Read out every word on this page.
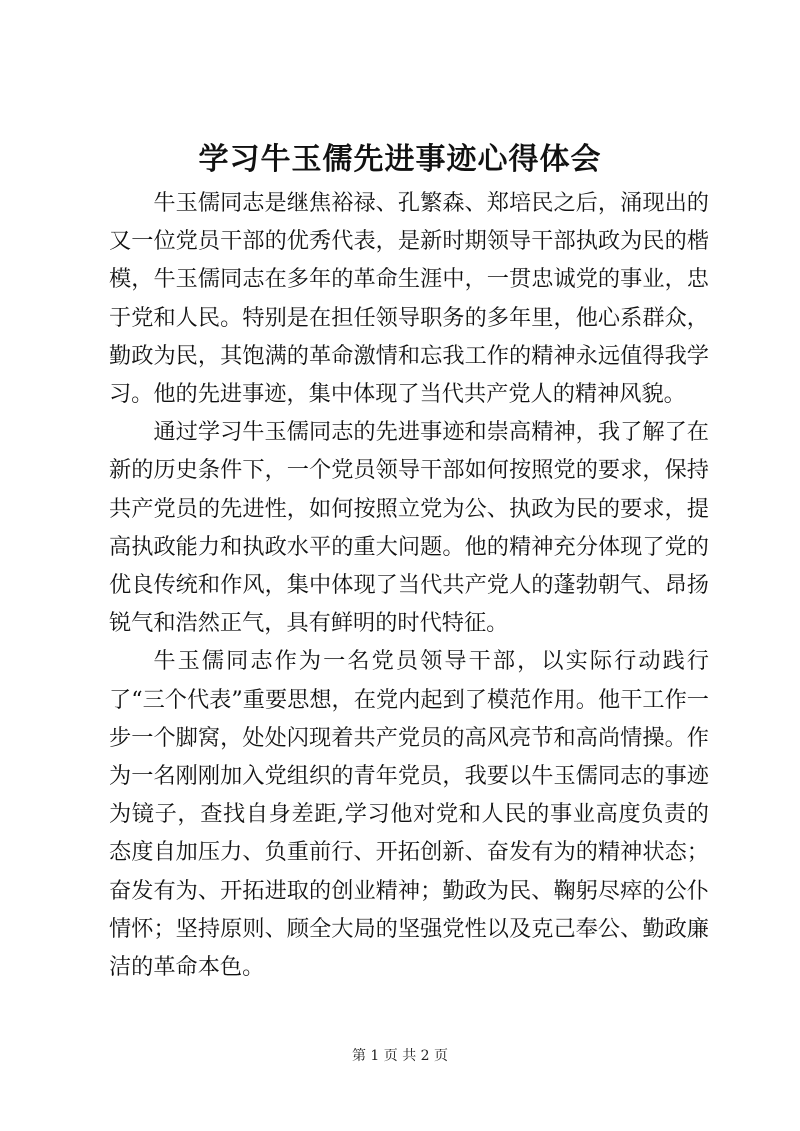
学习牛玉儒先进事迹心得体会

牛玉儒同志是继焦裕禄、孔繁森、郑培民之后，涌现出的又一位党员干部的优秀代表，是新时期领导干部执政为民的楷模，牛玉儒同志在多年的革命生涯中，一贯忠诚党的事业，忠于党和人民。特别是在担任领导职务的多年里，他心系群众，勤政为民，其饱满的革命激情和忘我工作的精神永远值得我学习。他的先进事迹，集中体现了当代共产党人的精神风貌。

通过学习牛玉儒同志的先进事迹和崇高精神，我了解了在新的历史条件下，一个党员领导干部如何按照党的要求，保持共产党员的先进性，如何按照立党为公、执政为民的要求，提高执政能力和执政水平的重大问题。他的精神充分体现了党的优良传统和作风，集中体现了当代共产党人的蓬勃朝气、昂扬锐气和浩然正气，具有鲜明的时代特征。

牛玉儒同志作为一名党员领导干部，以实际行动践行了“三个代表”重要思想，在党内起到了模范作用。他干工作一步一个脚窝，处处闪现着共产党员的高风亮节和高尚情操。作为一名刚刚加入党组织的青年党员，我要以牛玉儒同志的事迹为镜子，查找自身差距,学习他对党和人民的事业高度负责的态度自加压力、负重前行、开拓创新、奋发有为的精神状态；奋发有为、开拓进取的创业精神；勤政为民、鞠躬尽瘁的公仆情怀；坚持原则、顾全大局的坚强党性以及克己奉公、勤政廉洁的革命本色。

第 1 页 共 2 页
